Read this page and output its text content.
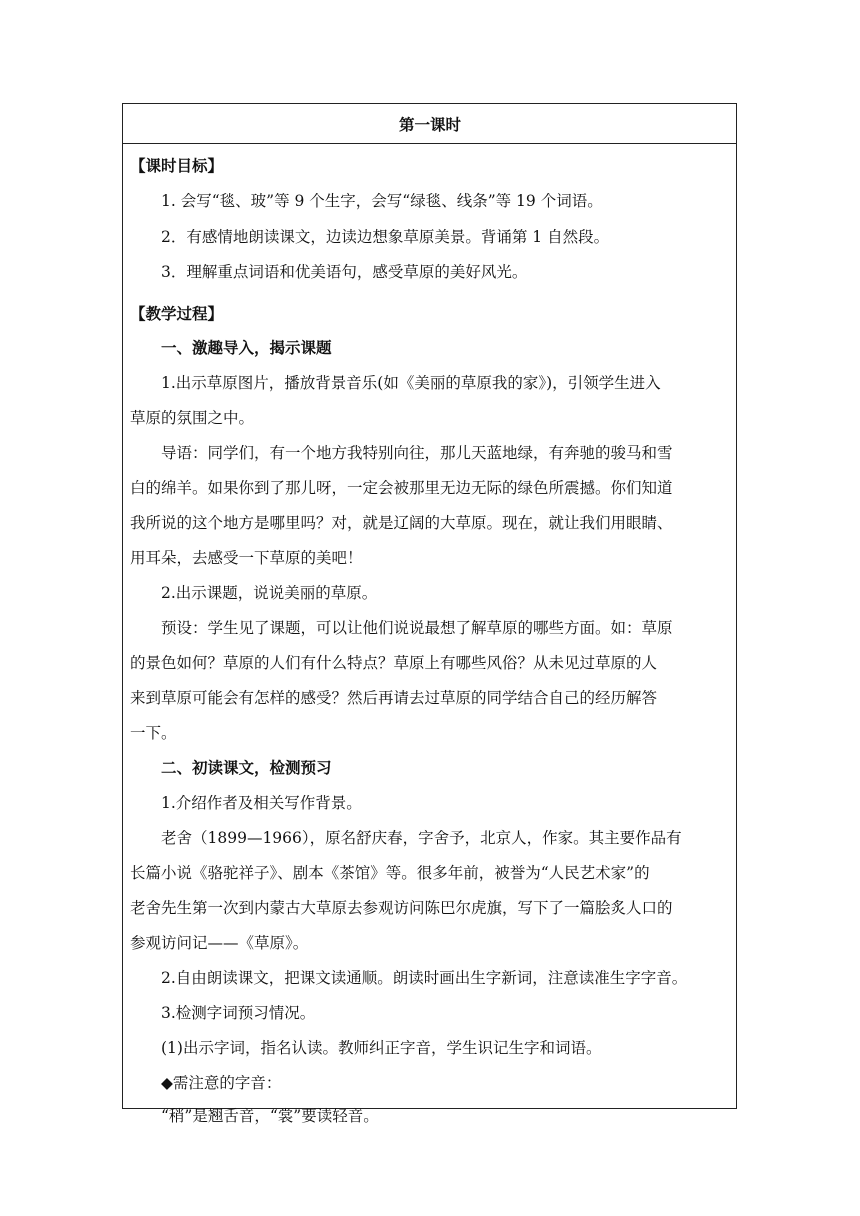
第一课时
【课时目标】
1. 会写“毯、玻”等 9 个生字，会写“绿毯、线条”等 19 个词语。
2．有感情地朗读课文，边读边想象草原美景。背诵第 1 自然段。
3．理解重点词语和优美语句，感受草原的美好风光。
【教学过程】
一、激趣导入，揭示课题
1.出示草原图片，播放背景音乐(如《美丽的草原我的家》)，引领学生进入
草原的氛围之中。
导语：同学们，有一个地方我特别向往，那儿天蓝地绿，有奔驰的骏马和雪
白的绵羊。如果你到了那儿呀，一定会被那里无边无际的绿色所震撼。你们知道
我所说的这个地方是哪里吗？对，就是辽阔的大草原。现在，就让我们用眼睛、
用耳朵，去感受一下草原的美吧！
2.出示课题，说说美丽的草原。
预设：学生见了课题，可以让他们说说最想了解草原的哪些方面。如：草原
的景色如何？草原的人们有什么特点？草原上有哪些风俗？从未见过草原的人
来到草原可能会有怎样的感受？然后再请去过草原的同学结合自己的经历解答
一下。
二、初读课文，检测预习
1.介绍作者及相关写作背景。
老舍（1899—1966），原名舒庆春，字舍予，北京人，作家。其主要作品有
长篇小说《骆驼祥子》、剧本《茶馆》等。很多年前，被誉为“人民艺术家”的
老舍先生第一次到内蒙古大草原去参观访问陈巴尔虎旗，写下了一篇脍炙人口的
参观访问记——《草原》。
2.自由朗读课文，把课文读通顺。朗读时画出生字新词，注意读准生字字音。
3.检测字词预习情况。
(1)出示字词，指名认读。教师纠正字音，学生识记生字和词语。
◆需注意的字音：
“稍”是翘舌音，“裳”要读轻音。
